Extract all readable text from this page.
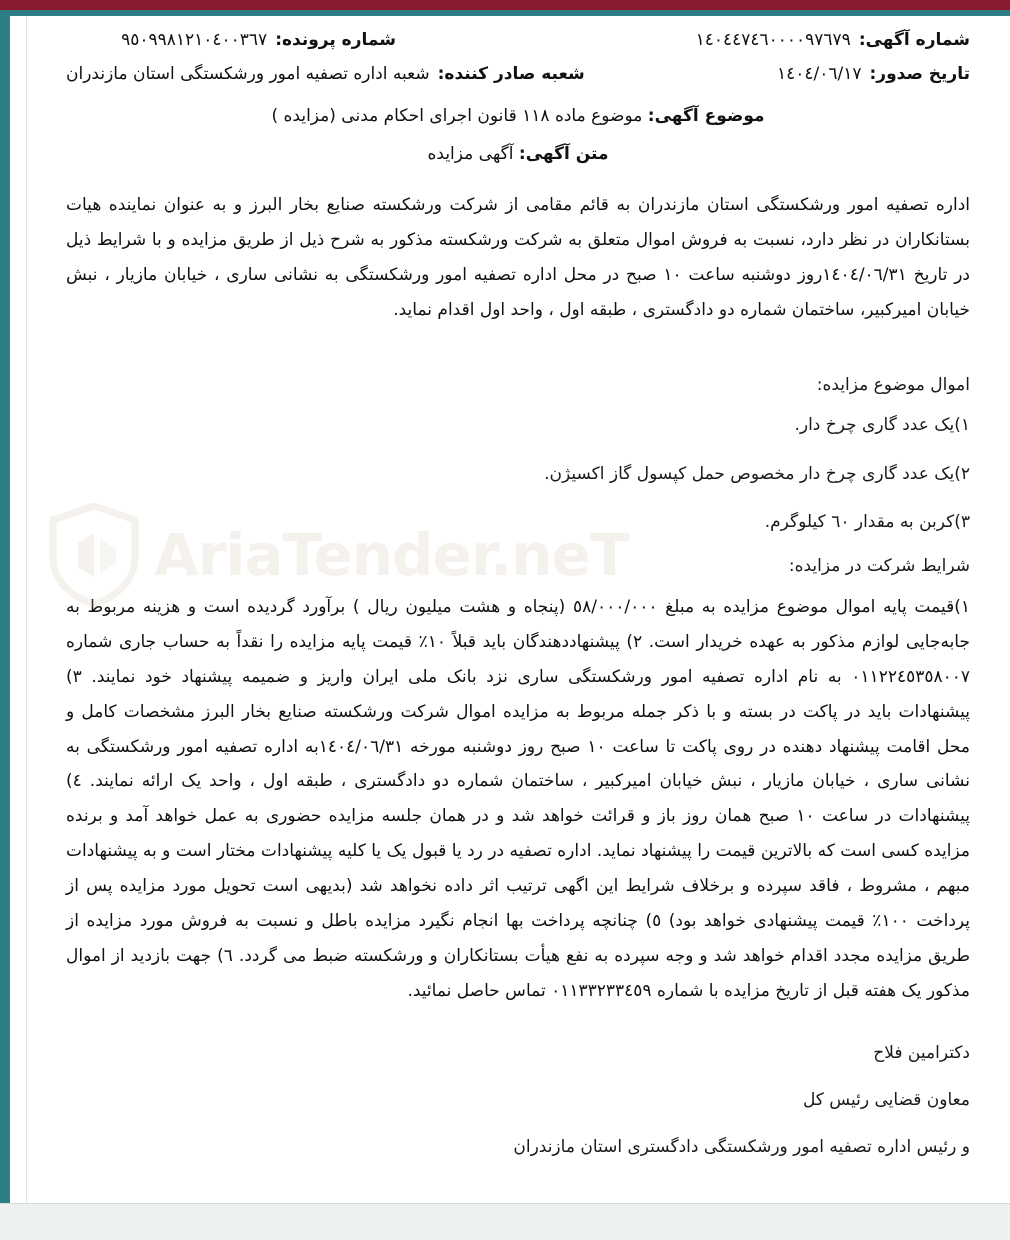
شماره آگهی:
١٤٠٤٤٧٤٦٠٠٠٠٩٧٦٧٩
شماره پرونده:
٩٥٠٩٩٨١٢١٠٤٠٠٣٦٧
تاریخ صدور:
١٤٠٤/٠٦/١٧
شعبه صادر کننده:
شعبه اداره تصفیه امور ورشکستگی استان مازندران
موضوع آگهی: موضوع ماده ١١٨ قانون اجرای احکام مدنی (مزایده )
متن آگهی: آگهی مزایده

اداره تصفیه امور ورشکستگی استان مازندران به قائم مقامی از شرکت ورشکسته صنایع بخار البرز و به عنوان نماینده هیات بستانکاران در نظر دارد، نسبت به فروش اموال متعلق به شرکت ورشکسته مذکور به شرح ذیل از طریق مزایده و با شرایط ذیل در تاریخ ١٤٠٤/٠٦/٣١روز دوشنبه ساعت ١٠ صبح در محل اداره تصفیه امور ورشکستگی به نشانی ساری ، خیابان مازیار ، نبش خیابان امیرکبیر، ساختمان شماره دو دادگستری ، طبقه اول ، واحد اول اقدام نماید.

اموال موضوع مزایده:

١)یک عدد گاری چرخ دار.

٢)یک عدد گاری چرخ دار مخصوص حمل کپسول گاز اکسیژن.

٣)کربن به مقدار ٦٠ کیلوگرم.

شرایط شرکت در مزایده:

١)قیمت پایه اموال موضوع مزایده به مبلغ ٥٨/٠٠٠/٠٠٠ (پنجاه و هشت میلیون ریال ) برآورد گردیده است و هزینه مربوط به جابه‌جایی لوازم مذکور به عهده خریدار است. ٢) پیشنهاددهندگان باید قبلاً ١٠٪ قیمت پایه مزایده را نقداً به حساب جاری شماره ٠١١٢٢٤٥٣٥٨٠٠٧ به نام اداره تصفیه امور ورشکستگی ساری نزد بانک ملی ایران واریز و ضمیمه پیشنهاد خود نمایند. ٣) پیشنهادات باید در پاکت در بسته و با ذکر جمله مربوط به مزایده اموال شرکت ورشکسته صنایع بخار البرز مشخصات کامل و محل اقامت پیشنهاد دهنده در روی پاکت تا ساعت ١٠ صبح روز دوشنبه مورخه ١٤٠٤/٠٦/٣١به اداره تصفیه امور ورشکستگی به نشانی ساری ، خیابان مازیار ، نبش خیابان امیرکبیر ، ساختمان شماره دو دادگستری ، طبقه اول ، واحد یک ارائه نمایند. ٤) پیشنهادات در ساعت ١٠ صبح همان روز باز و قرائت خواهد شد و در همان جلسه مزایده حضوری به عمل خواهد آمد و برنده مزایده کسی است که بالاترین قیمت را پیشنهاد نماید. اداره تصفیه در رد یا قبول یک یا کلیه پیشنهادات مختار است و به پیشنهادات مبهم ، مشروط ، فاقد سپرده و برخلاف شرایط این اگهی ترتیب اثر داده نخواهد شد (بدیهی است تحویل مورد مزایده پس از پرداخت ١٠٠٪ قیمت پیشنهادی خواهد بود) ٥) چنانچه پرداخت بها انجام نگیرد مزایده باطل و نسبت به فروش مورد مزایده از طریق مزایده مجدد اقدام خواهد شد و وجه سپرده به نفع هیأت بستانکاران و ورشکسته ضبط می گردد. ٦) جهت بازدید از اموال مذکور یک هفته قبل از تاریخ مزایده با شماره ٠١١٣٣٢٣٣٤٥٩ تماس حاصل نمائید.

دکترامین فلاح

معاون قضایی رئیس کل

و رئیس اداره تصفیه امور ورشکستگی دادگستری استان مازندران

AriaTender.neT
